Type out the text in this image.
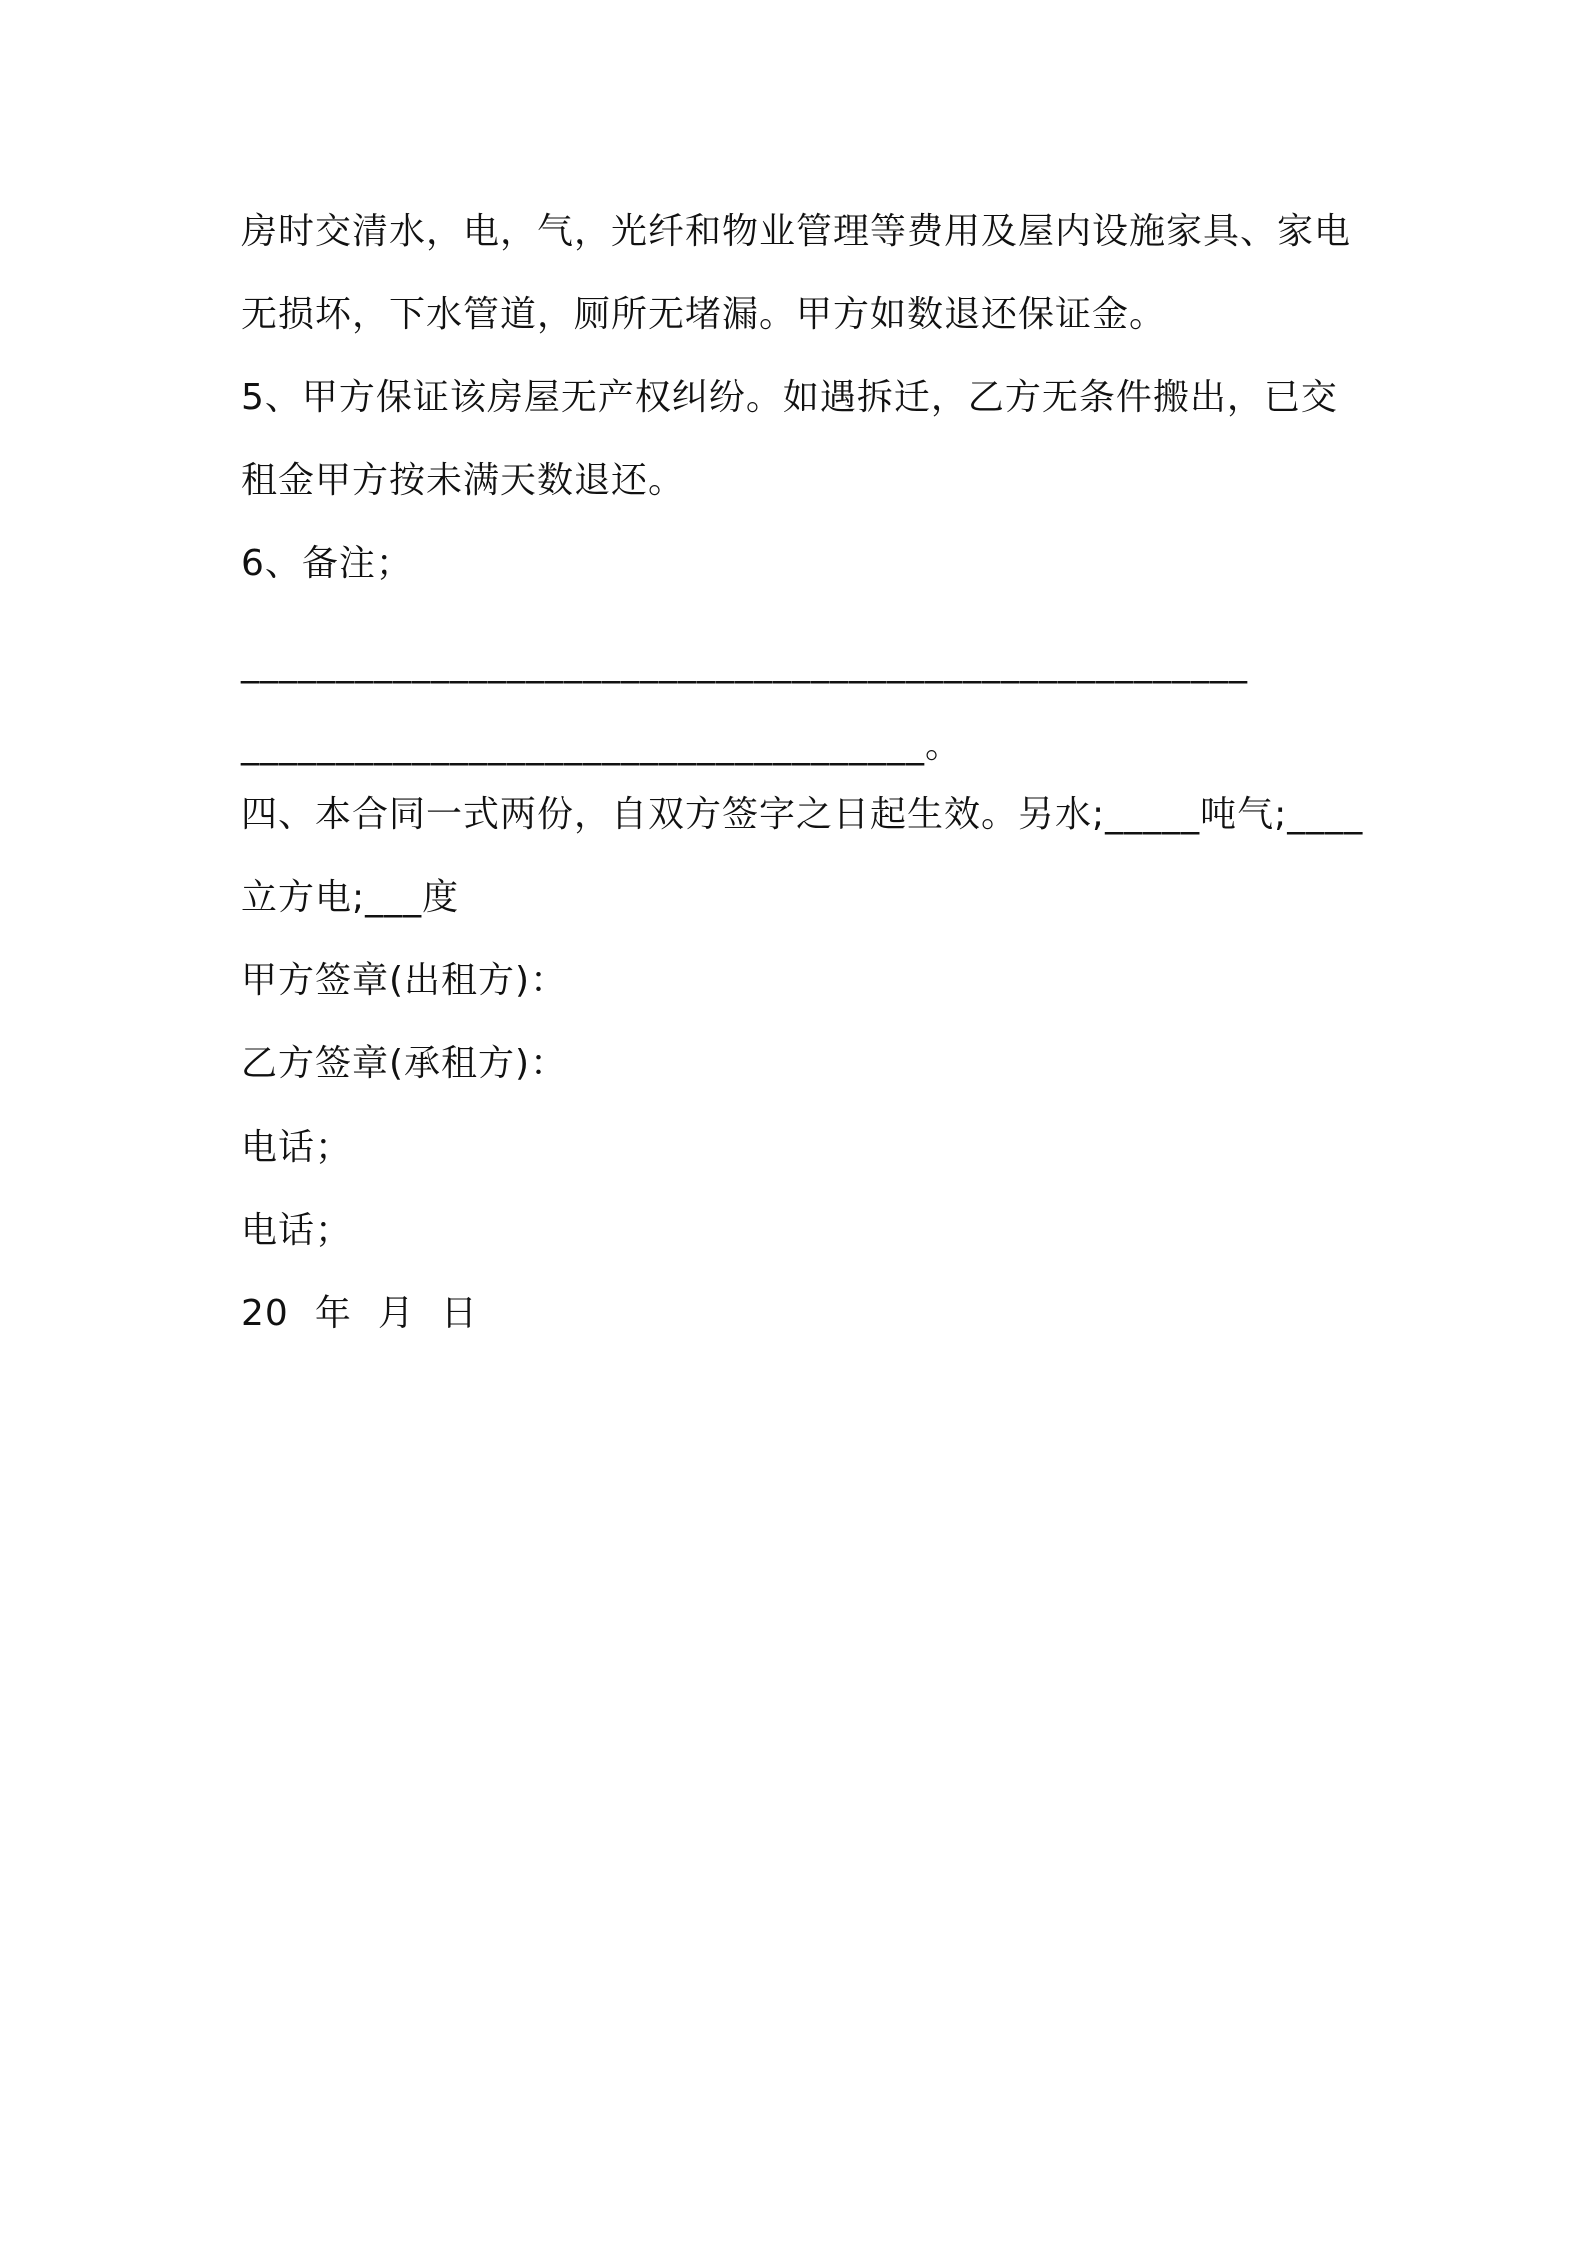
房时交清水，电，气，光纤和物业管理等费用及屋内设施家具、家电
无损坏，下水管道，厕所无堵漏。甲方如数退还保证金。
5、甲方保证该房屋无产权纠纷。如遇拆迁，乙方无条件搬出，已交
租金甲方按未满天数退还。
6、备注；
_____________________________________________________
____________________________________。
四、本合同一式两份，自双方签字之日起生效。另水;_____吨气;____
立方电;___度
甲方签章(出租方)：
乙方签章(承租方)：
电话；
电话；
20 年 月 日
